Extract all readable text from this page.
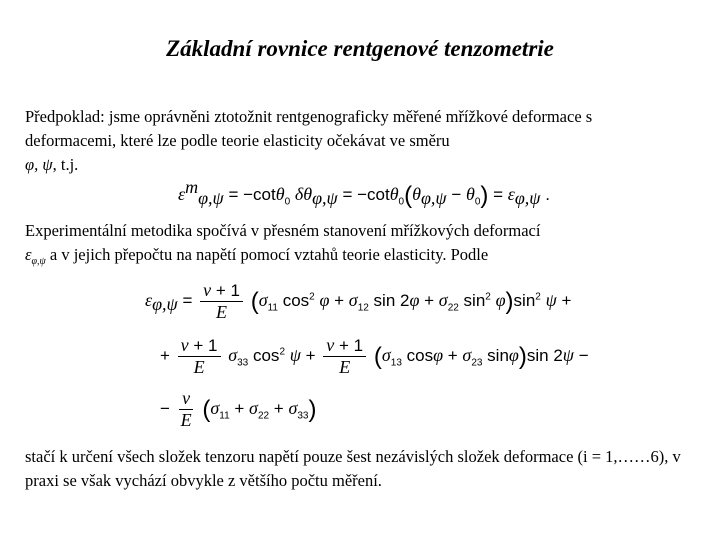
Základní rovnice rentgenové tenzometrie
Předpoklad: jsme oprávněni ztotožnit rentgenograficky měřené mřížkové deformace s deformacemi, které lze podle teorie elasticity očekávat ve směru
φ, ψ, t.j.
$\varepsilon^m_{\varphi,\psi} = -\cot\theta_0$ $\delta\theta_{\varphi,\psi} = -\cot\theta_0(\theta_{\varphi,\psi} - \theta_0) = \varepsilon_{\varphi,\psi}$ .
Experimentální metodika spočívá v přesném stanovení mřížkových deformací
$\varepsilon_{\varphi,\psi}$ a v jejich přepočtu na napětí pomocí vztahů teorie elasticity. Podle
$\varepsilon_{\varphi,\psi} = \frac{\nu + 1}{E} (\sigma_{11}$ $\cos^2 \varphi + \sigma_{12}$ $\sin 2\varphi + \sigma_{22}$ $\sin^2 \varphi)\sin^2$ ψ +
+ $\frac{\nu + 1}{E} \sigma_{33}$ $\cos^2 \psi + \frac{\nu + 1}{E} (\sigma_{13}$ $\cos\varphi + \sigma_{23}$ sinφ)sin 2ψ −
− $\frac{\nu}{E} (\sigma_{11} + \sigma_{22} + \sigma_{33})$
stačí k určení všech složek tenzoru napětí pouze šest nezávislých složek deformace (i = 1,……6), v praxi se však vychází obvykle z většího počtu měření.
